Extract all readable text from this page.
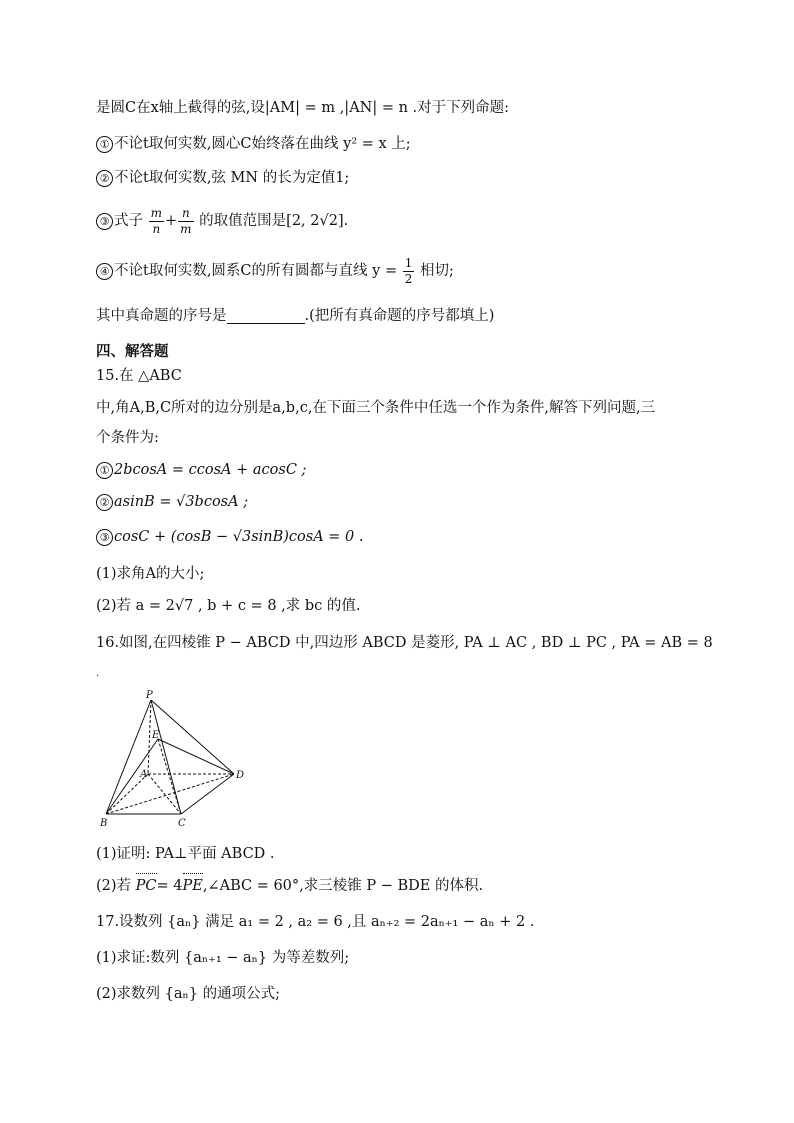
是圆C在x轴上截得的弦,设|AM| = m ,|AN| = n .对于下列命题:
① 不论t取何实数,圆心C始终落在曲线 y² = x 上;
② 不论t取何实数,弦 MN 的长为定值1;
③ 式子 $\frac{m}{n} + \frac{n}{m}$ 的取值范围是[2, 2√2].
④ 不论t取何实数,圆系C的所有圆都与直线 $y = \frac{1}{2}$ 相切;
其中真命题的序号是	.(把所有真命题的序号都填上)
四、解答题
15.在 △ABC
中,角A,B,C所对的边分别是a,b,c,在下面三个条件中任选一个作为条件,解答下列问题,三
个条件为:
① 2bcosA = ccosA + acosC ;
② asinB = √3bcosA ;
③ cosC + (cosB − √3sinB)cosA = 0 .
(1)求角A的大小;
(2)若 a = 2√7 , b + c = 8 ,求 bc 的值.
16.如图,在四棱锥 P − ABCD 中,四边形 ABCD 是菱形, PA ⊥ AC , BD ⊥ PC , PA = AB = 8
.
P
E
A	D
B	C
(1)证明: PA⊥平面 ABCD .
(2)若 PC= 4PE,∠ABC = 60°,求三棱锥 P − BDE 的体积.
17.设数列 {aₙ} 满足 a₁ = 2 , a₂ = 6 ,且 aₙ₊₂ = 2aₙ₊₁ − aₙ + 2 .
(1)求证:数列 {aₙ₊₁ − aₙ} 为等差数列;
(2)求数列 {aₙ} 的通项公式;
